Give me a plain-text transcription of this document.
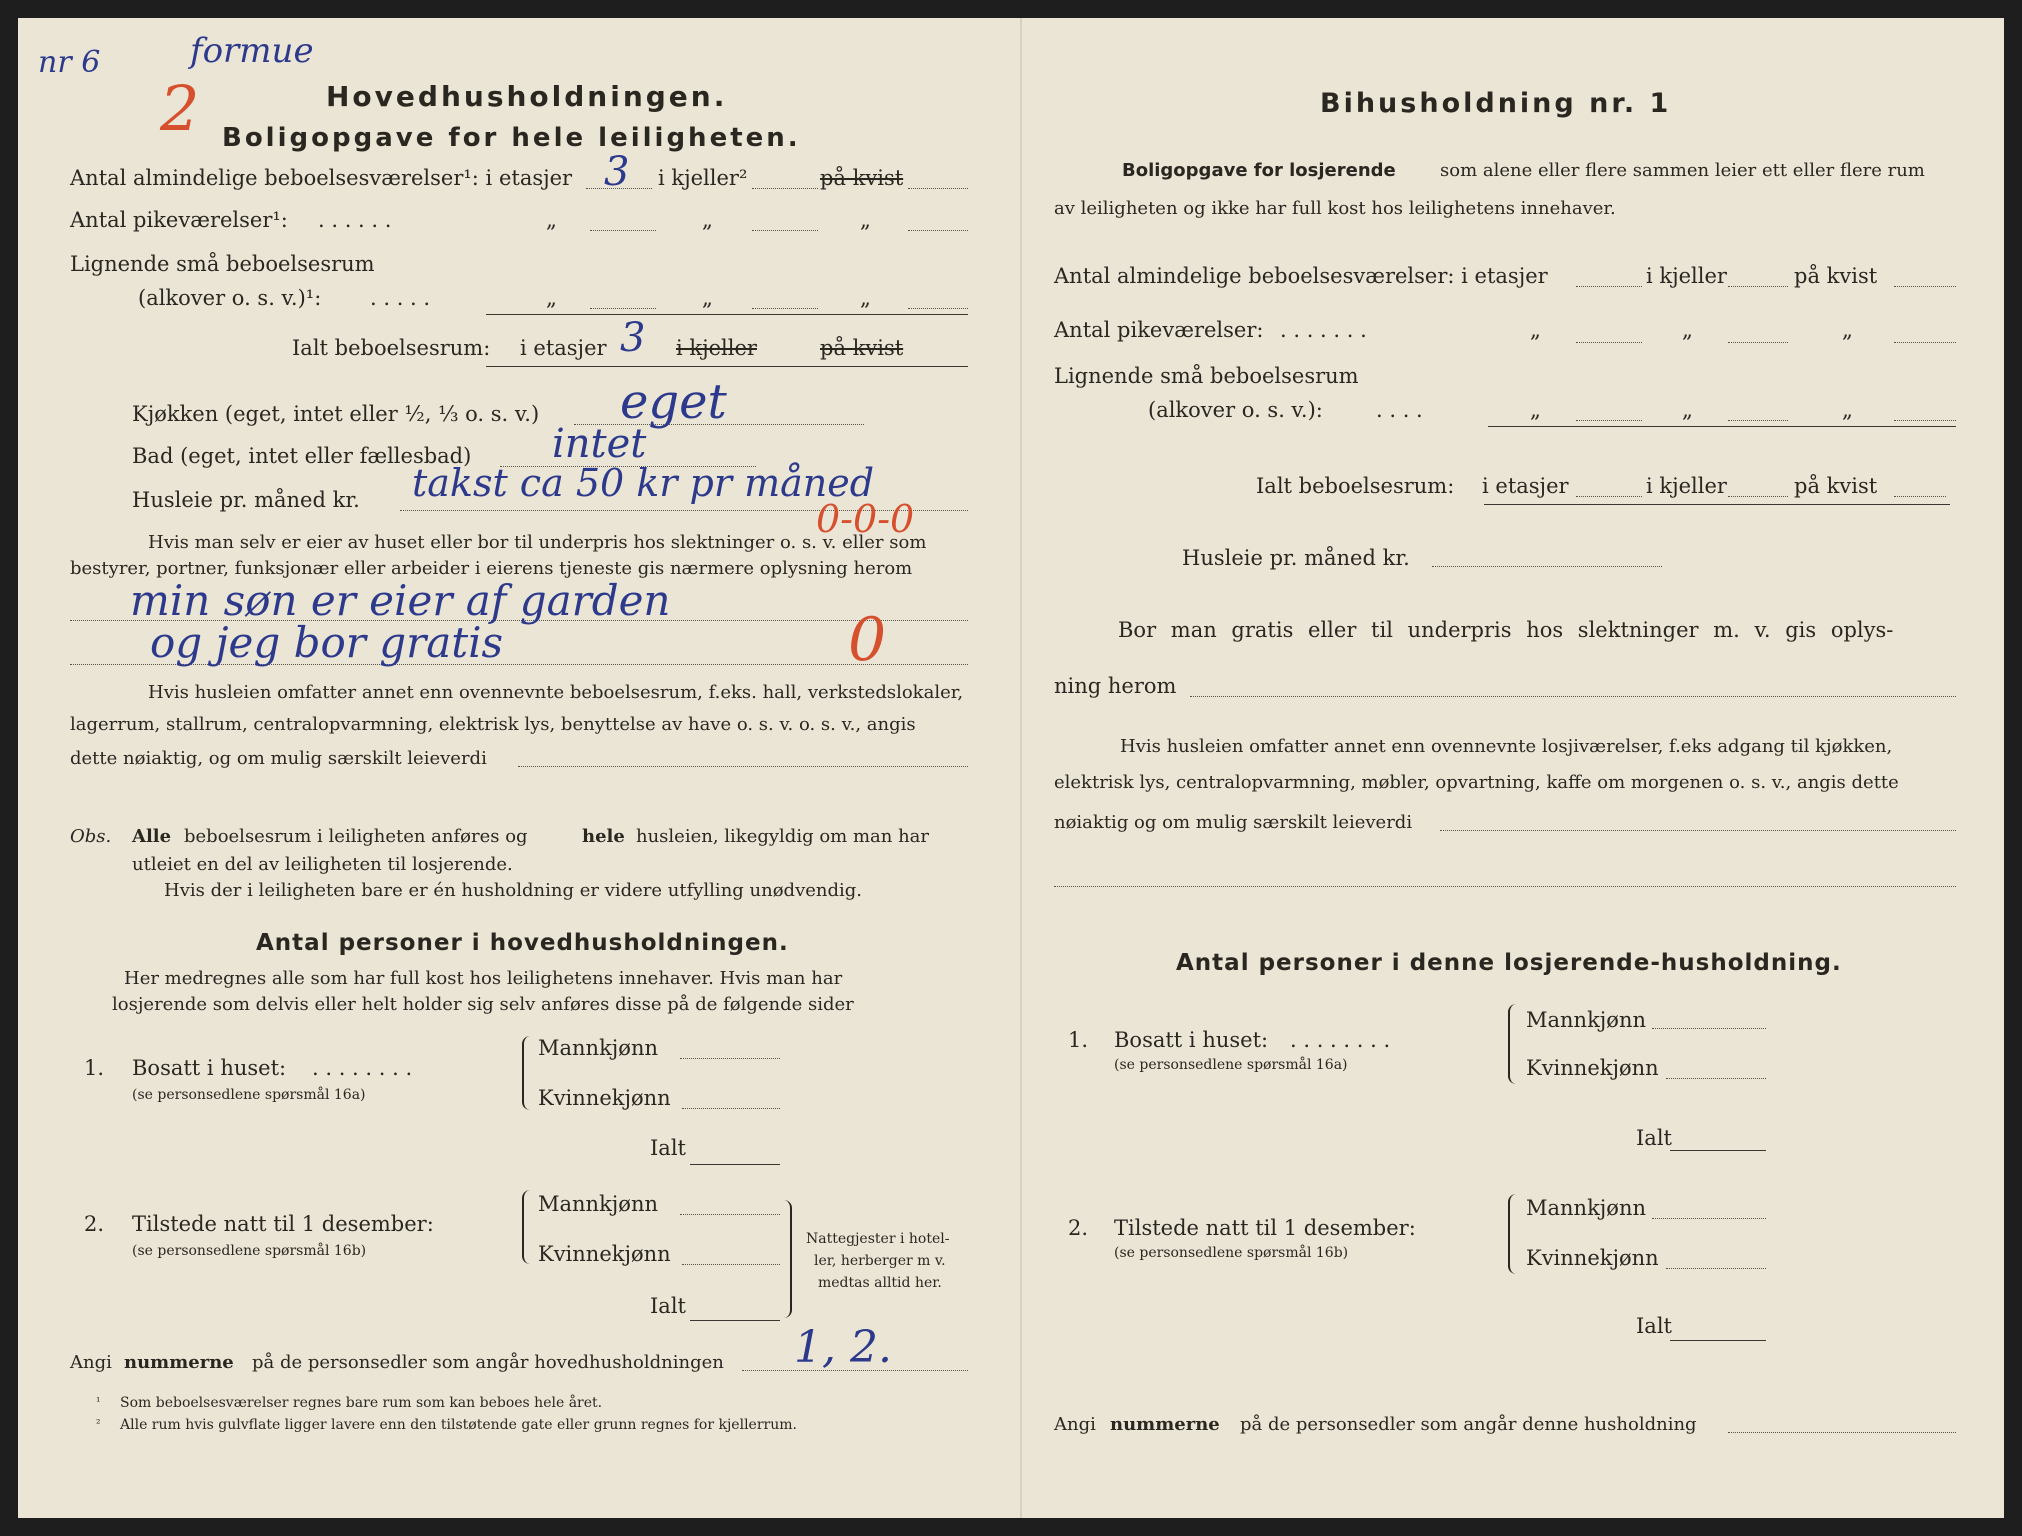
nr 6	formue
2	Hovedhusholdningen.
Boligopgave for hele leiligheten.
Antal almindelige beboelsesværelser¹: i etasjer 3 i kjeller²	på kvist
Antal pikeværelser¹: . . . . . .	„	„	„
Lignende små beboelsesrum
(alkover o. s. v.)¹: . . . . .	„	„	„
Ialt beboelsesrum: i etasjer 3 i kjeller	på kvist
Kjøkken (eget, intet eller ½, ⅓ o. s. v.) eget
Bad (eget, intet eller fællesbad) intet
Husleie pr. måned kr. takst ca 50 kr pr måned
0-0-0
Hvis man selv er eier av huset eller bor til underpris hos slektninger o. s. v. eller som
bestyrer, portner, funksjonær eller arbeider i eierens tjeneste gis nærmere oplysning herom
min søn er eier af garden
og jeg bor gratis	0
Hvis husleien omfatter annet enn ovennevnte beboelsesrum, f.eks. hall, verkstedslokaler,
lagerrum, stallrum, centralopvarmning, elektrisk lys, benyttelse av have o. s. v. o. s. v., angis
dette nøiaktig, og om mulig særskilt leieverdi
Obs. Alle beboelsesrum i leiligheten anføres og	hele husleien, likegyldig om man har
utleiet en del av leiligheten til losjerende.
Hvis der i leiligheten bare er én husholdning er videre utfylling unødvendig.
Antal personer i hovedhusholdningen.
Her medregnes alle som har full kost hos leilighetens innehaver. Hvis man har
losjerende som delvis eller helt holder sig selv anføres disse på de følgende sider
1. Bosatt i huset: . . . . . . . .
(se personsedlene spørsmål 16a)
Mannkjønn
Kvinnekjønn
Ialt
2. Tilstede natt til 1 desember:
(se personsedlene spørsmål 16b)
Mannkjønn
Kvinnekjønn
Ialt
Nattegjester i hotel-
ler, herberger m v.
medtas alltid her.
Angi nummerne på de personsedler som angår hovedhusholdningen 1, 2.
¹ Som beboelsesværelser regnes bare rum som kan beboes hele året.
² Alle rum hvis gulvflate ligger lavere enn den tilstøtende gate eller grunn regnes for kjellerrum.
Bihusholdning nr. 1
Boligopgave for losjerende som alene eller flere sammen leier ett eller flere rum
av leiligheten og ikke har full kost hos leilighetens innehaver.
Antal almindelige beboelsesværelser: i etasjer	i kjeller	på kvist
Antal pikeværelser: . . . . . . .	„	„	„
Lignende små beboelsesrum
(alkover o. s. v.):	. . . .	„	„	„
Ialt beboelsesrum: i etasjer	i kjeller	på kvist
Husleie pr. måned kr.
Bor man gratis eller til underpris hos slektninger m. v. gis oplys-
ning herom
Hvis husleien omfatter annet enn ovennevnte losjiværelser, f.eks adgang til kjøkken,
elektrisk lys, centralopvarmning, møbler, opvartning, kaffe om morgenen o. s. v., angis dette
nøiaktig og om mulig særskilt leieverdi
Antal personer i denne losjerende-husholdning.
1. Bosatt i huset: . . . . . . . .
(se personsedlene spørsmål 16a)
Mannkjønn
Kvinnekjønn
Ialt
2. Tilstede natt til 1 desember:
(se personsedlene spørsmål 16b)
Mannkjønn
Kvinnekjønn
Ialt
Angi nummerne på de personsedler som angår denne husholdning
